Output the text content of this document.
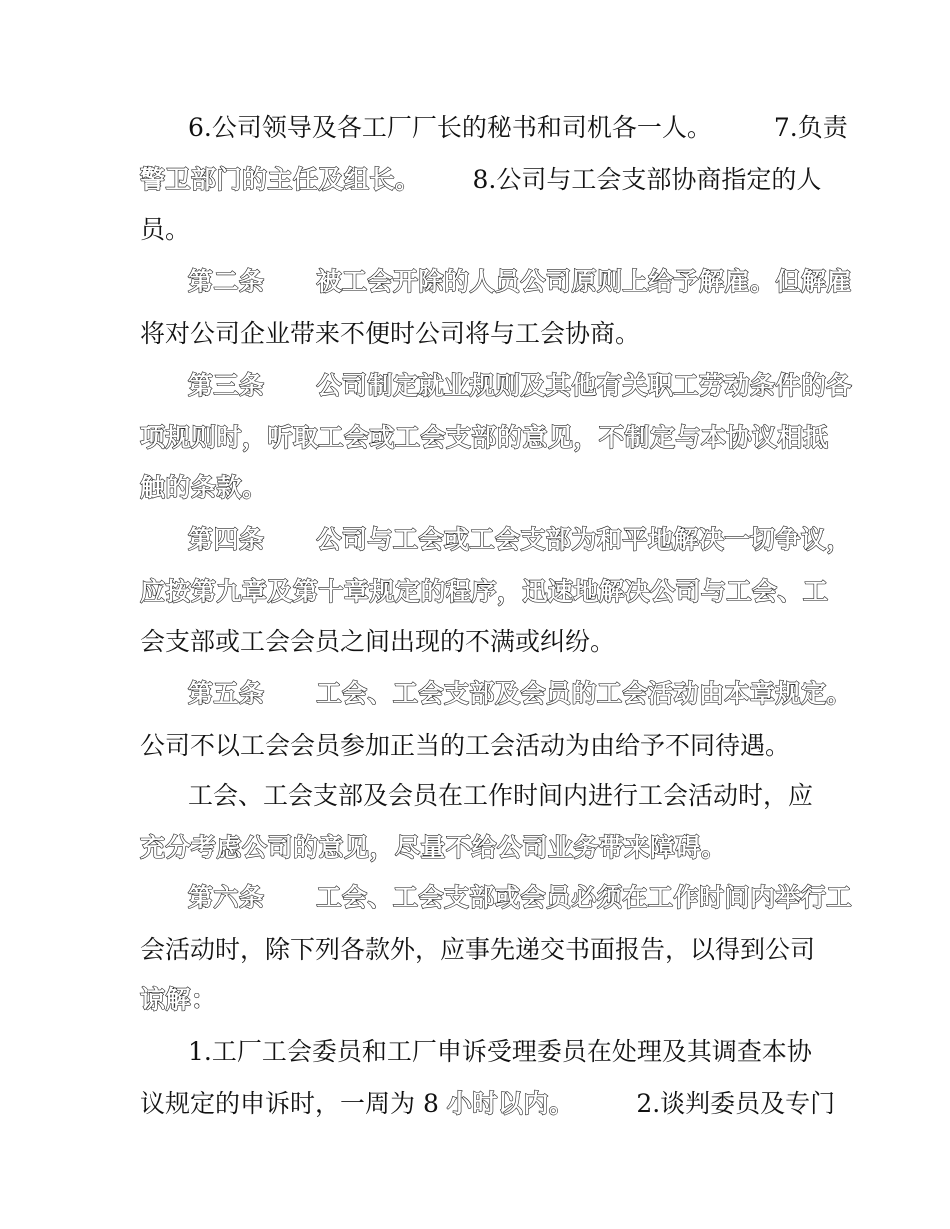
6.公司领导及各工厂厂长的秘书和司机各一人。 7.负责
警卫部门的主任及组长。 8.公司与工会支部协商指定的人
员。
第二条 被工会开除的人员公司原则上给予解雇。但解雇
将对公司企业带来不便时公司将与工会协商。
第三条 公司制定就业规则及其他有关职工劳动条件的各
项规则时，听取工会或工会支部的意见，不制定与本协议相抵
触的条款。
第四条 公司与工会或工会支部为和平地解决一切争议，
应按第九章及第十章规定的程序，迅速地解决公司与工会、工
会支部或工会会员之间出现的不满或纠纷。
第五条 工会、工会支部及会员的工会活动由本章规定。
公司不以工会会员参加正当的工会活动为由给予不同待遇。
工会、工会支部及会员在工作时间内进行工会活动时，应
充分考虑公司的意见，尽量不给公司业务带来障碍。
第六条 工会、工会支部或会员必须在工作时间内举行工
会活动时，除下列各款外，应事先递交书面报告，以得到公司
谅解：
1.工厂工会委员和工厂申诉受理委员在处理及其调查本协
议规定的申诉时，一周为 8 小时以内。 2.谈判委员及专门
